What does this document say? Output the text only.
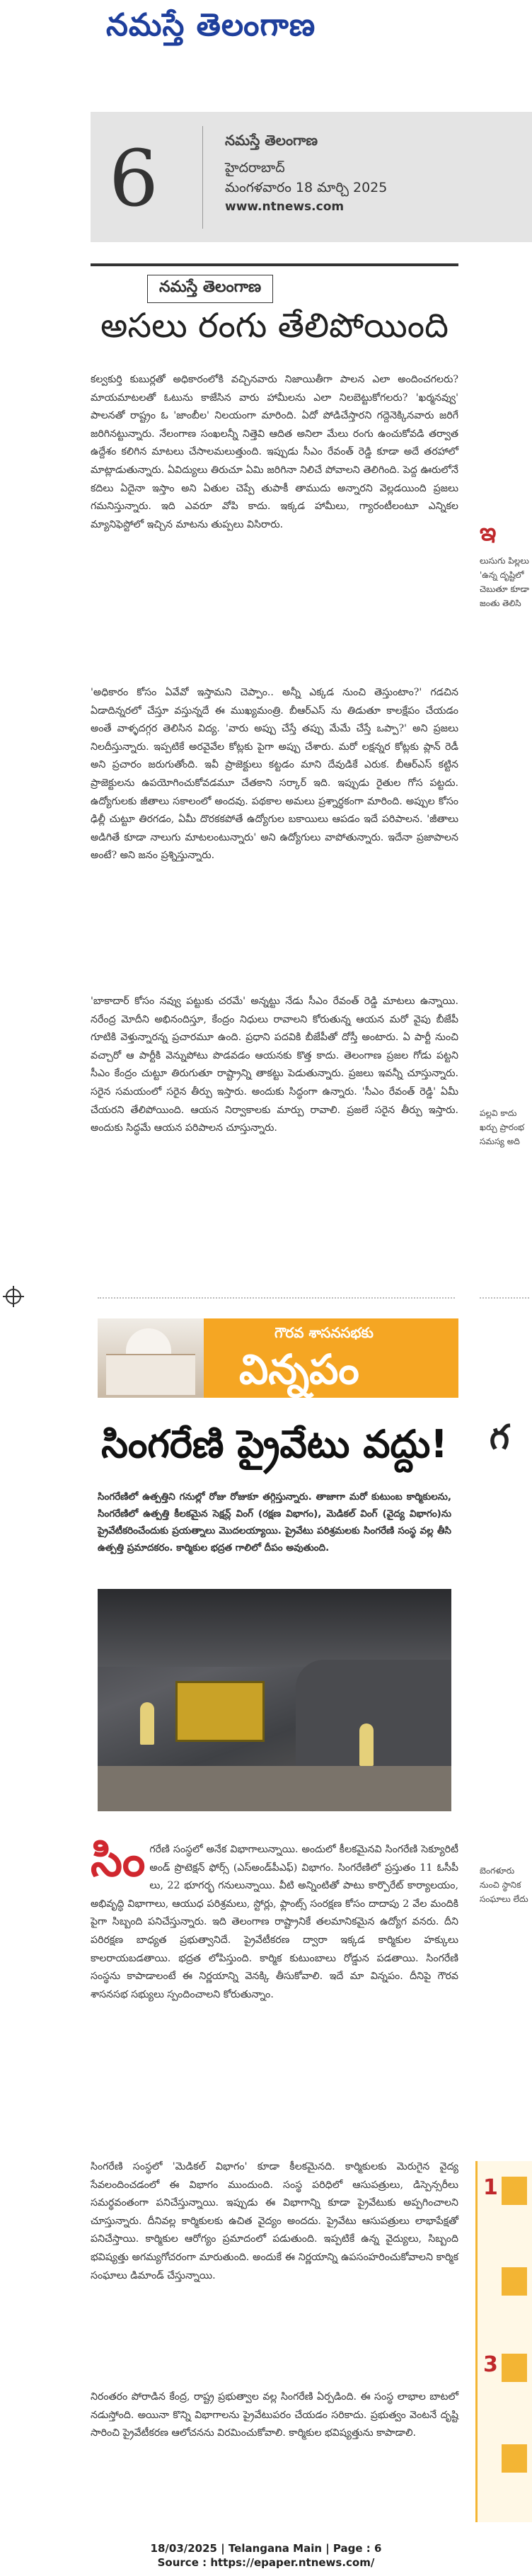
నమస్తే తెలంగాణ
6	నమస్తే తెలంగాణ
హైదరాబాద్
మంగళవారం 18 మార్చి 2025
www.ntnews.com
నమస్తే తెలంగాణ
అసలు రంగు తేలిపోయింది

కల్వకుర్తి కుబుర్లతో అధికారంలోకి వచ్చినవారు నిజాయితీగా పాలన ఎలా అందించగలరు? మాయమాటలతో ఓటును కాజేసిన వారు హామీలను ఎలా నిలబెట్టుకోగలరు? 'ఖర్మనవ్వు' పాలనతో రాష్ట్రం ఓ 'జాంబీల' నిలయంగా మారింది. ఏదో పోడిచేస్తారని గద్దెనెక్కినవారు జరిగే జరిగినట్టున్నారు. నేలంగాణ సంఖలన్నీ నిత్తెవి ఆదిత అనిలా మేలు రంగు ఉంచుకోవడి తర్వాత ఉద్దేశం కలిగిన మాటలు చేసాలమలుత్తుంది. ఇప్పుడు సీఎం రేవంత్ రెడ్డి కూడా అదే తరహాలో మాట్లాడుతున్నారు. ఏవిద్యులు తిరుచూ ఏమి జరిగినా నిలిచే పోవాలని తెలిగింది. పెద్ద ఊరులోనే కదిలు ఏదైనా ఇస్తాం అని ఏతుల చెప్పే తుపాకీ తాముదు అన్నారని వెల్లడయింది ప్రజలు గమనిస్తున్నారు. ఇది ఎవరూ వోపి కాదు. ఇక్కడ హామీలు, గ్యారంటీలంటూ ఎన్నికల మ్యానిఫెస్టోలో ఇచ్చిన మాటను తుప్పలు విసిరారు.

'అధికారం కోసం ఏవేవో ఇస్తామని చెప్పాం.. అన్నీ ఎక్కడ నుంచి తెస్తుంటాం?' గడచిన ఏడాదిన్నరలో చేస్తూ వస్తున్నదే ఈ ముఖ్యమంత్రి. బీఆర్ఎస్ ను తిడుతూ కాలక్షేపం చేయడం అంతే వాళ్ళదగ్గర తెలిసిన విద్య. 'వారు అప్పు చేస్తే తప్పు మేమే చేస్తే ఒప్పా?' అని ప్రజలు నిలదీస్తున్నారు. ఇప్పటికే అరవైవేల కోట్లకు పైగా అప్పు చేశారు. మరో లక్షన్నర కోట్లకు ప్లాన్ రెడీ అని ప్రచారం జరుగుతోంది. ఇవీ ప్రాజెక్టులు కట్టడం మాని దేవుడికే ఎరుక. బీఆర్ఎస్ కట్టిన ప్రాజెక్టులను ఉపయోగించుకోవడమూ చేతకాని సర్కార్ ఇది. ఇప్పుడు రైతుల గోస పట్టదు. ఉద్యోగులకు జీతాలు సకాలంలో అందవు. పథకాల అమలు ప్రశ్నార్థకంగా మారింది. అప్పుల కోసం ఢిల్లీ చుట్టూ తిరగడం, ఏమీ దొరకకపోతే ఉద్యోగుల బకాయిలు ఆపడం ఇదే పరిపాలన. 'జీతాలు అడిగితే కూడా నాలుగు మాటలంటున్నారు' అని ఉద్యోగులు వాపోతున్నారు. ఇదేనా ప్రజాపాలన అంటే? అని జనం ప్రశ్నిస్తున్నారు.

'బాకాదార్ కోసం నవ్వు పట్టుకు చరమే' అన్నట్టు నేడు సీఎం రేవంత్ రెడ్డి మాటలు ఉన్నాయి. నరేంద్ర మోదీని అభినందిస్తూ, కేంద్రం నిధులు రావాలని కోరుతున్న ఆయన మరో వైపు బీజేపీ గూటికి వెళ్తున్నారన్న ప్రచారమూ ఉంది. ప్రధాని పదవికి బీజేపీతో దోస్తీ అంటారు. ఏ పార్టీ నుంచి వచ్చారో ఆ పార్టీకి వెన్నుపోటు పొడవడం ఆయనకు కొత్త కాదు. తెలంగాణ ప్రజల గోడు పట్టని సీఎం కేంద్రం చుట్టూ తిరుగుతూ రాష్ట్రాన్ని తాకట్టు పెడుతున్నారు. ప్రజలు ఇవన్నీ చూస్తున్నారు. సరైన సమయంలో సరైన తీర్పు ఇస్తారు. అందుకు సిద్ధంగా ఉన్నారు. 'సీఎం రేవంత్ రెడ్డి' ఏమీ చేయరని తేలిపోయింది. ఆయన నిర్వాకాలకు మార్పు రావాలి. ప్రజలే సరైన తీర్పు ఇస్తారు. అందుకు సిద్ధమే ఆయన పరిపాలన చూస్తున్నారు.

గౌరవ శాసనసభకు
విన్నపం
సింగరేణి ప్రైవేటు వద్దు!

సింగరేణిలో ఉత్పత్తిని గనుల్లో రోజు రోజుకూ తగ్గిస్తున్నారు. తాజాగా మరో కుటుంబ కార్మికులను, సింగరేణిలో ఉత్పత్తి కీలకమైన సెక్షన్ల్ వింగ్ (రక్షణ విభాగం), మెడికల్ వింగ్ (వైద్య విభాగం)ను ప్రైవేటీకరించేందుకు ప్రయత్నాలు మొదలయ్యాయి. ప్రైవేటు పరిశ్రమలకు సింగరేణి సంస్థ వల్ల తీసి ఉత్పత్తి ప్రమాదకరం. కార్మికుల భద్రత గాలిలో దీపం అవుతుంది.

సింగరేణి సంస్థలో అనేక విభాగాలున్నాయి. అందులో కీలకమైనవి సింగరేణి సెక్యూరిటీ అండ్ ప్రొటెక్షన్ ఫోర్స్ (ఎస్అండ్‌పీఎఫ్) విభాగం. సింగరేణిలో ప్రస్తుతం 11 ఓసీపీ లు, 22 భూగర్భ గనులున్నాయి. వీటి అన్నింటితో పాటు కార్పొరేట్ కార్యాలయం, అభివృద్ధి విభాగాలు, ఆయుధ పరిశ్రమలు, స్టోర్లు, ఫ్లాంట్స్ సంరక్షణ కోసం దాదాపు 2 వేల మందికి పైగా సిబ్బంది పనిచేస్తున్నారు. ఇది తెలంగాణ రాష్ట్రానికే తలమానికమైన ఉద్యోగ వనరు. దీని పరిరక్షణ బాధ్యత ప్రభుత్వానిదే. ప్రైవేటీకరణ ద్వారా ఇక్కడ కార్మికుల హక్కులు కాలరాయబడతాయి. భద్రత లోపిస్తుంది. కార్మిక కుటుంబాలు రోడ్డున పడతాయి. సింగరేణి సంస్థను కాపాడాలంటే ఈ నిర్ణయాన్ని వెనక్కి తీసుకోవాలి. ఇదే మా విన్నపం. దీనిపై గౌరవ శాసనసభ సభ్యులు స్పందించాలని కోరుతున్నాం.

సింగరేణి సంస్థలో 'మెడికల్ విభాగం' కూడా కీలకమైనది. కార్మికులకు మెరుగైన వైద్య సేవలందించడంలో ఈ విభాగం ముందుంది. సంస్థ పరిధిలో ఆసుపత్రులు, డిస్పెన్సరీలు సమర్థవంతంగా పనిచేస్తున్నాయి. ఇప్పుడు ఈ విభాగాన్ని కూడా ప్రైవేటుకు అప్పగించాలని చూస్తున్నారు. దీనివల్ల కార్మికులకు ఉచిత వైద్యం అందదు. ప్రైవేటు ఆసుపత్రులు లాభాపేక్షతో పనిచేస్తాయి. కార్మికుల ఆరోగ్యం ప్రమాదంలో పడుతుంది. ఇప్పటికే ఉన్న వైద్యులు, సిబ్బంది భవిష్యత్తు అగమ్యగోచరంగా మారుతుంది. అందుకే ఈ నిర్ణయాన్ని ఉపసంహరించుకోవాలని కార్మిక సంఘాలు డిమాండ్ చేస్తున్నాయి.

నిరంతరం పోరాడిన కేంద్ర, రాష్ట్ర ప్రభుత్వాల వల్ల సింగరేణి ఏర్పడింది. ఈ సంస్థ లాభాల బాటలో నడుస్తోంది. అయినా కొన్ని విభాగాలను ప్రైవేటుపరం చేయడం సరికాదు. ప్రభుత్వం వెంటనే దృష్టి సారించి ప్రైవేటీకరణ ఆలోచనను విరమించుకోవాలి. కార్మికుల భవిష్యత్తును కాపాడాలి.

ఇ
లుసుగు పిల్లలు 'ఉన్న దృష్టిలో చెబుతూ కూడా జంతు తెలిసి
పల్లవి కాదు ఖర్చు ప్రారంభ సమస్య అది
గ
బెంగళూరు నుంచి స్థానిక సంఘాలు లేదు
1
3
18/03/2025 | Telangana Main | Page : 6
Source : https://epaper.ntnews.com/
